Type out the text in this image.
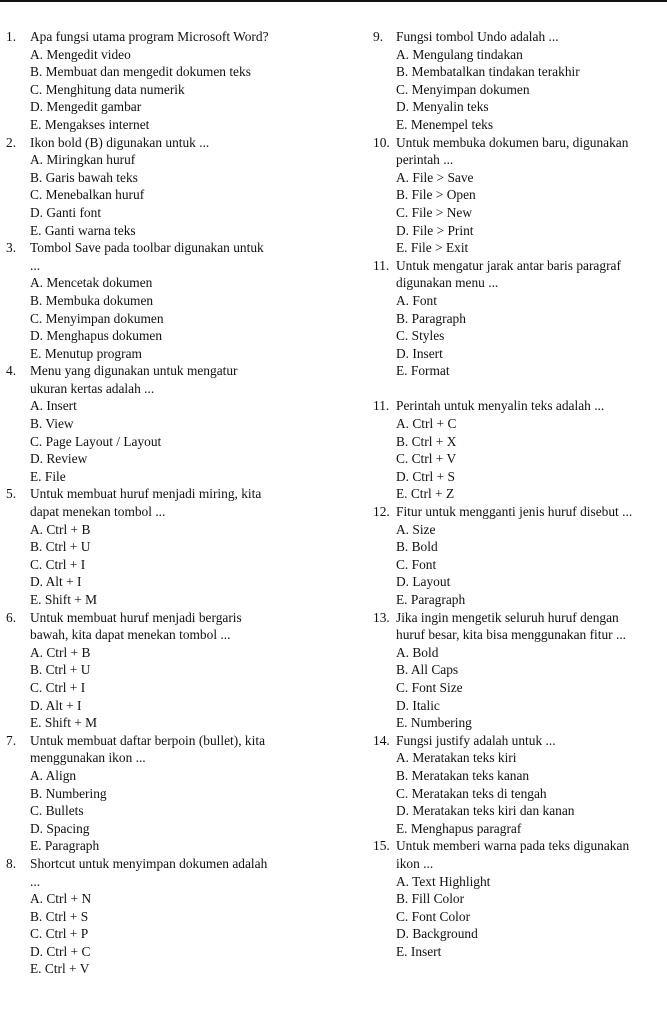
1. Apa fungsi utama program Microsoft Word?
A. Mengedit video
B. Membuat dan mengedit dokumen teks
C. Menghitung data numerik
D. Mengedit gambar
E. Mengakses internet
2. Ikon bold (B) digunakan untuk ...
A. Miringkan huruf
B. Garis bawah teks
C. Menebalkan huruf
D. Ganti font
E. Ganti warna teks
3. Tombol Save pada toolbar digunakan untuk
...
A. Mencetak dokumen
B. Membuka dokumen
C. Menyimpan dokumen
D. Menghapus dokumen
E. Menutup program
4. Menu yang digunakan untuk mengatur
ukuran kertas adalah ...
A. Insert
B. View
C. Page Layout / Layout
D. Review
E. File
5. Untuk membuat huruf menjadi miring, kita
dapat menekan tombol ...
A. Ctrl + B
B. Ctrl + U
C. Ctrl + I
D. Alt + I
E. Shift + M
6. Untuk membuat huruf menjadi bergaris
bawah, kita dapat menekan tombol ...
A. Ctrl + B
B. Ctrl + U
C. Ctrl + I
D. Alt + I
E. Shift + M
7. Untuk membuat daftar berpoin (bullet), kita
menggunakan ikon ...
A. Align
B. Numbering
C. Bullets
D. Spacing
E. Paragraph
8. Shortcut untuk menyimpan dokumen adalah
...
A. Ctrl + N
B. Ctrl + S
C. Ctrl + P
D. Ctrl + C
E. Ctrl + V
9. Fungsi tombol Undo adalah ...
A. Mengulang tindakan
B. Membatalkan tindakan terakhir
C. Menyimpan dokumen
D. Menyalin teks
E. Menempel teks
10. Untuk membuka dokumen baru, digunakan
perintah ...
A. File > Save
B. File > Open
C. File > New
D. File > Print
E. File > Exit
11. Untuk mengatur jarak antar baris paragraf
digunakan menu ...
A. Font
B. Paragraph
C. Styles
D. Insert
E. Format
11. Perintah untuk menyalin teks adalah ...
A. Ctrl + C
B. Ctrl + X
C. Ctrl + V
D. Ctrl + S
E. Ctrl + Z
12. Fitur untuk mengganti jenis huruf disebut ...
A. Size
B. Bold
C. Font
D. Layout
E. Paragraph
13. Jika ingin mengetik seluruh huruf dengan
huruf besar, kita bisa menggunakan fitur ...
A. Bold
B. All Caps
C. Font Size
D. Italic
E. Numbering
14. Fungsi justify adalah untuk ...
A. Meratakan teks kiri
B. Meratakan teks kanan
C. Meratakan teks di tengah
D. Meratakan teks kiri dan kanan
E. Menghapus paragraf
15. Untuk memberi warna pada teks digunakan
ikon ...
A. Text Highlight
B. Fill Color
C. Font Color
D. Background
E. Insert
